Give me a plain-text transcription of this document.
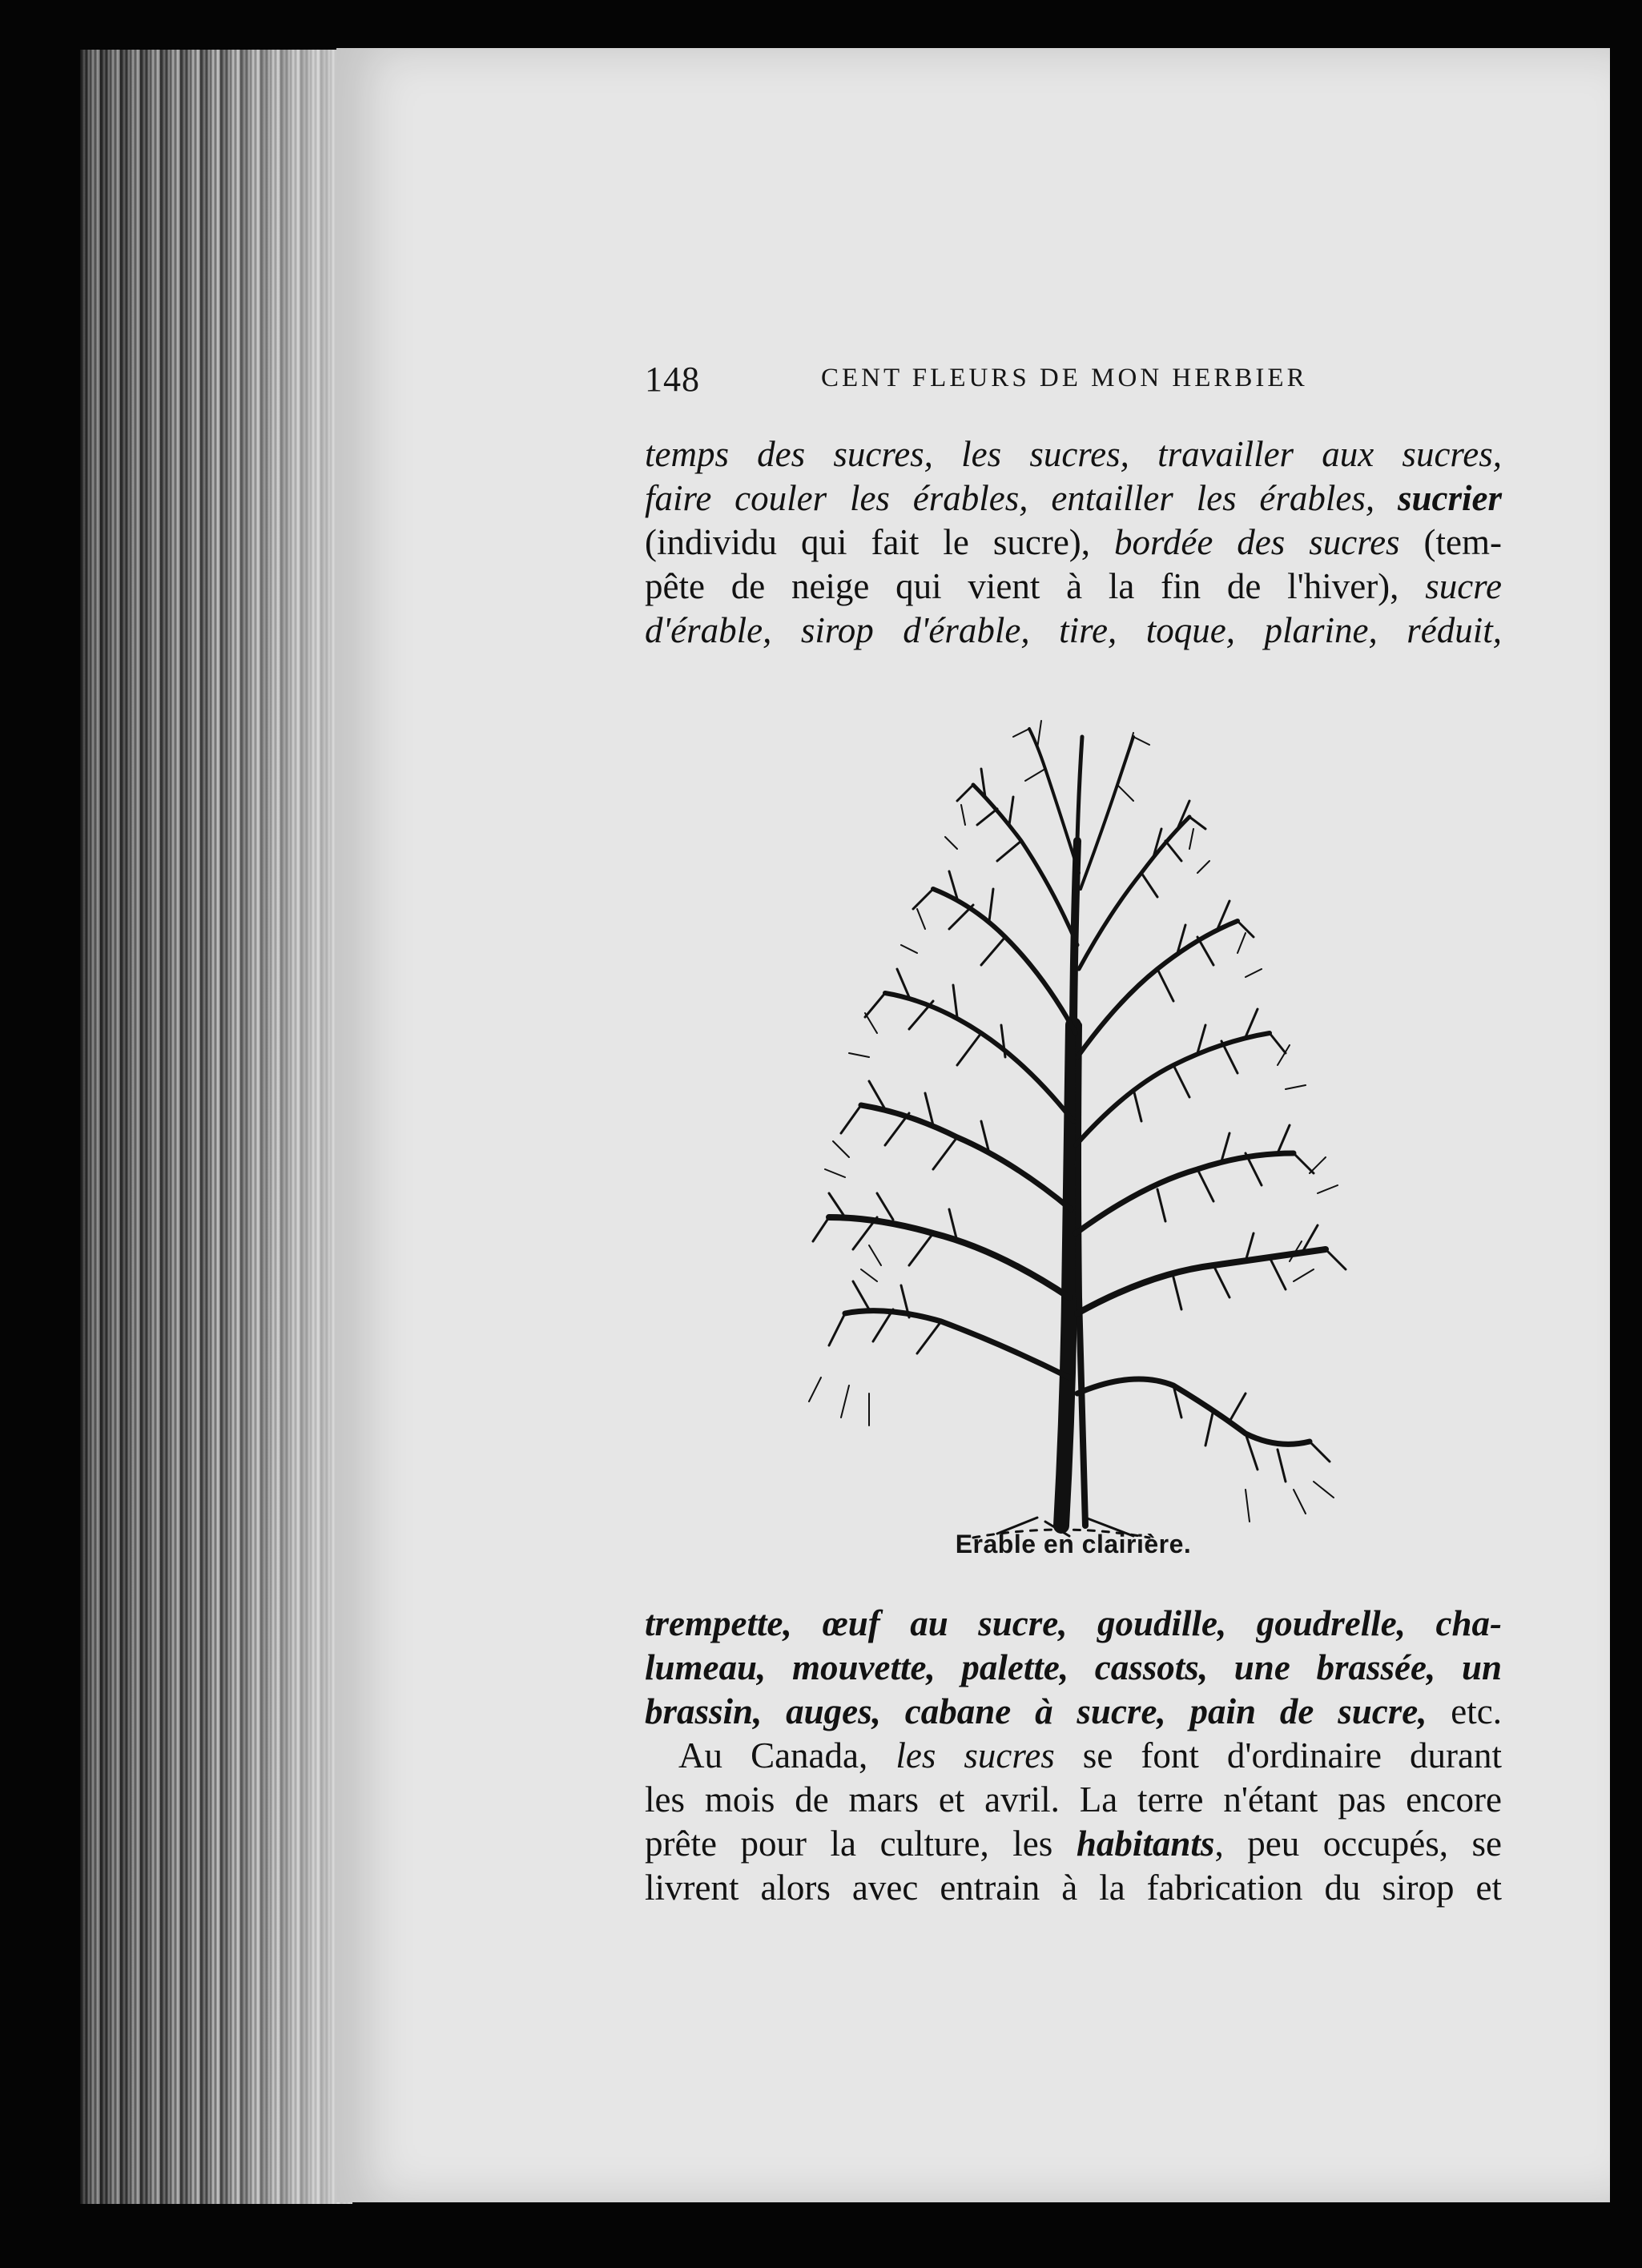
148	CENT FLEURS DE MON HERBIER
temps des sucres, les sucres, travailler aux sucres,
faire couler les érables, entailler les érables, sucrier
(individu qui fait le sucre), bordée des sucres (tem-
pête de neige qui vient à la fin de l'hiver), sucre
d'érable, sirop d'érable, tire, toque, plarine, réduit,
Erable en clairière.
trempette, œuf au sucre, goudille, goudrelle, cha-
lumeau, mouvette, palette, cassots, une brassée, un
brassin, auges, cabane à sucre, pain de sucre, etc.
Au Canada, les sucres se font d'ordinaire durant
les mois de mars et avril. La terre n'étant pas encore
prête pour la culture, les habitants, peu occupés, se
livrent alors avec entrain à la fabrication du sirop et
